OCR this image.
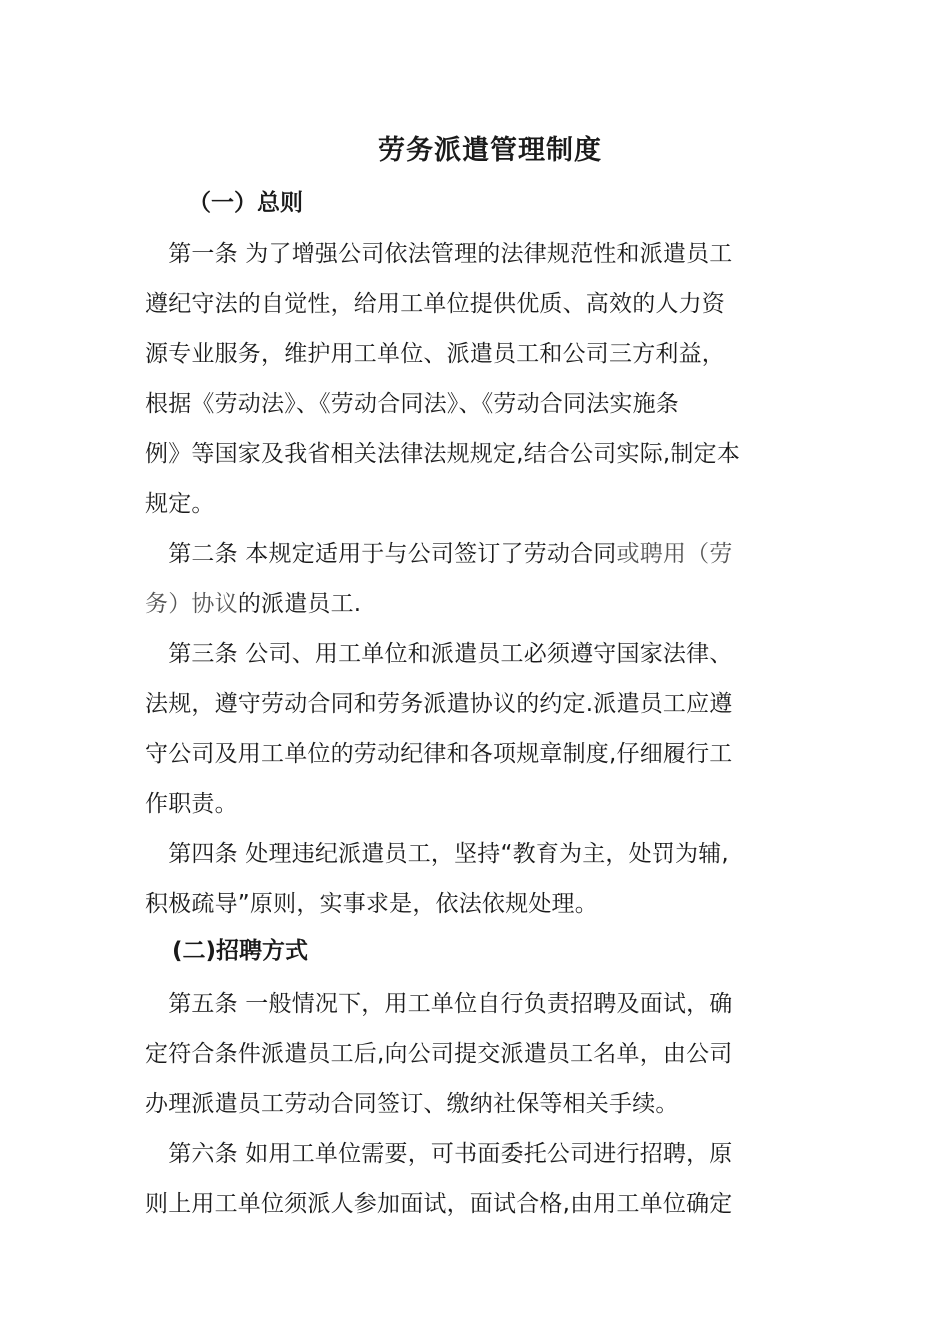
劳务派遣管理制度
（一）总则
　第一条 为了增强公司依法管理的法律规范性和派遣员工
遵纪守法的自觉性，给用工单位提供优质、高效的人力资
源专业服务，维护用工单位、派遣员工和公司三方利益，
根据《劳动法》、《劳动合同法》、《劳动合同法实施条
例》等国家及我省相关法律法规规定,结合公司实际,制定本
规定。
　第二条 本规定适用于与公司签订了劳动合同或聘用（劳
务）协议的派遣员工.
　第三条 公司、用工单位和派遣员工必须遵守国家法律、
法规，遵守劳动合同和劳务派遣协议的约定.派遣员工应遵
守公司及用工单位的劳动纪律和各项规章制度,仔细履行工
作职责。
　第四条 处理违纪派遣员工，坚持“教育为主，处罚为辅,
积极疏导”原则，实事求是，依法依规处理。
(二)招聘方式
　第五条 一般情况下，用工单位自行负责招聘及面试，确
定符合条件派遣员工后,向公司提交派遣员工名单，由公司
办理派遣员工劳动合同签订、缴纳社保等相关手续。
　第六条 如用工单位需要，可书面委托公司进行招聘，原
则上用工单位须派人参加面试，面试合格,由用工单位确定
